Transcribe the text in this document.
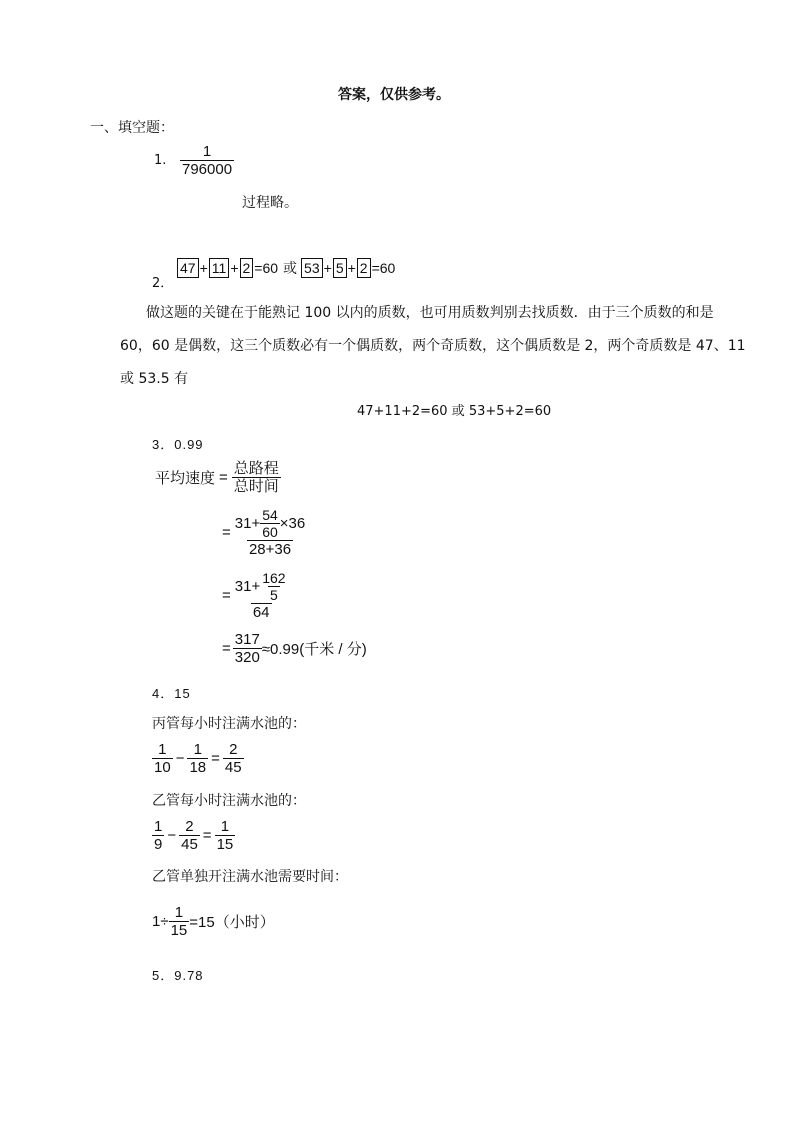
答案，仅供参考。
一、填空题：
1. $\frac{1}{796000}$
过程略。
2．
47 + 11 + 2 =60 或 53 + 5 + 2 =60
做这题的关键在于能熟记 100 以内的质数，也可用质数判别去找质数．由于三个质数的和是
60，60 是偶数，这三个质数必有一个偶质数，两个奇质数，这个偶质数是 2，两个奇质数是 47、11
或 53.5 有
47+11+2=60 或 53+5+2=60
3．0.99
平均速度 = $\frac{\text{总路程}}{\text{总时间}}$
= $\frac{31+ \frac{54}{60} \times 36}{28+36}$
= $\frac{31+ \frac{162}{5}}{64}$
= $\frac{317}{320} \approx 0.99$(千米 / 分)
4．15
丙管每小时注满水池的：
$\frac{1}{10} - \frac{1}{18} = \frac{2}{45}$
乙管每小时注满水池的：
$\frac{1}{9} - \frac{2}{45} = \frac{1}{15}$
乙管单独开注满水池需要时间：
$1\div \frac{1}{15} =15$（小时）
5．9.78
